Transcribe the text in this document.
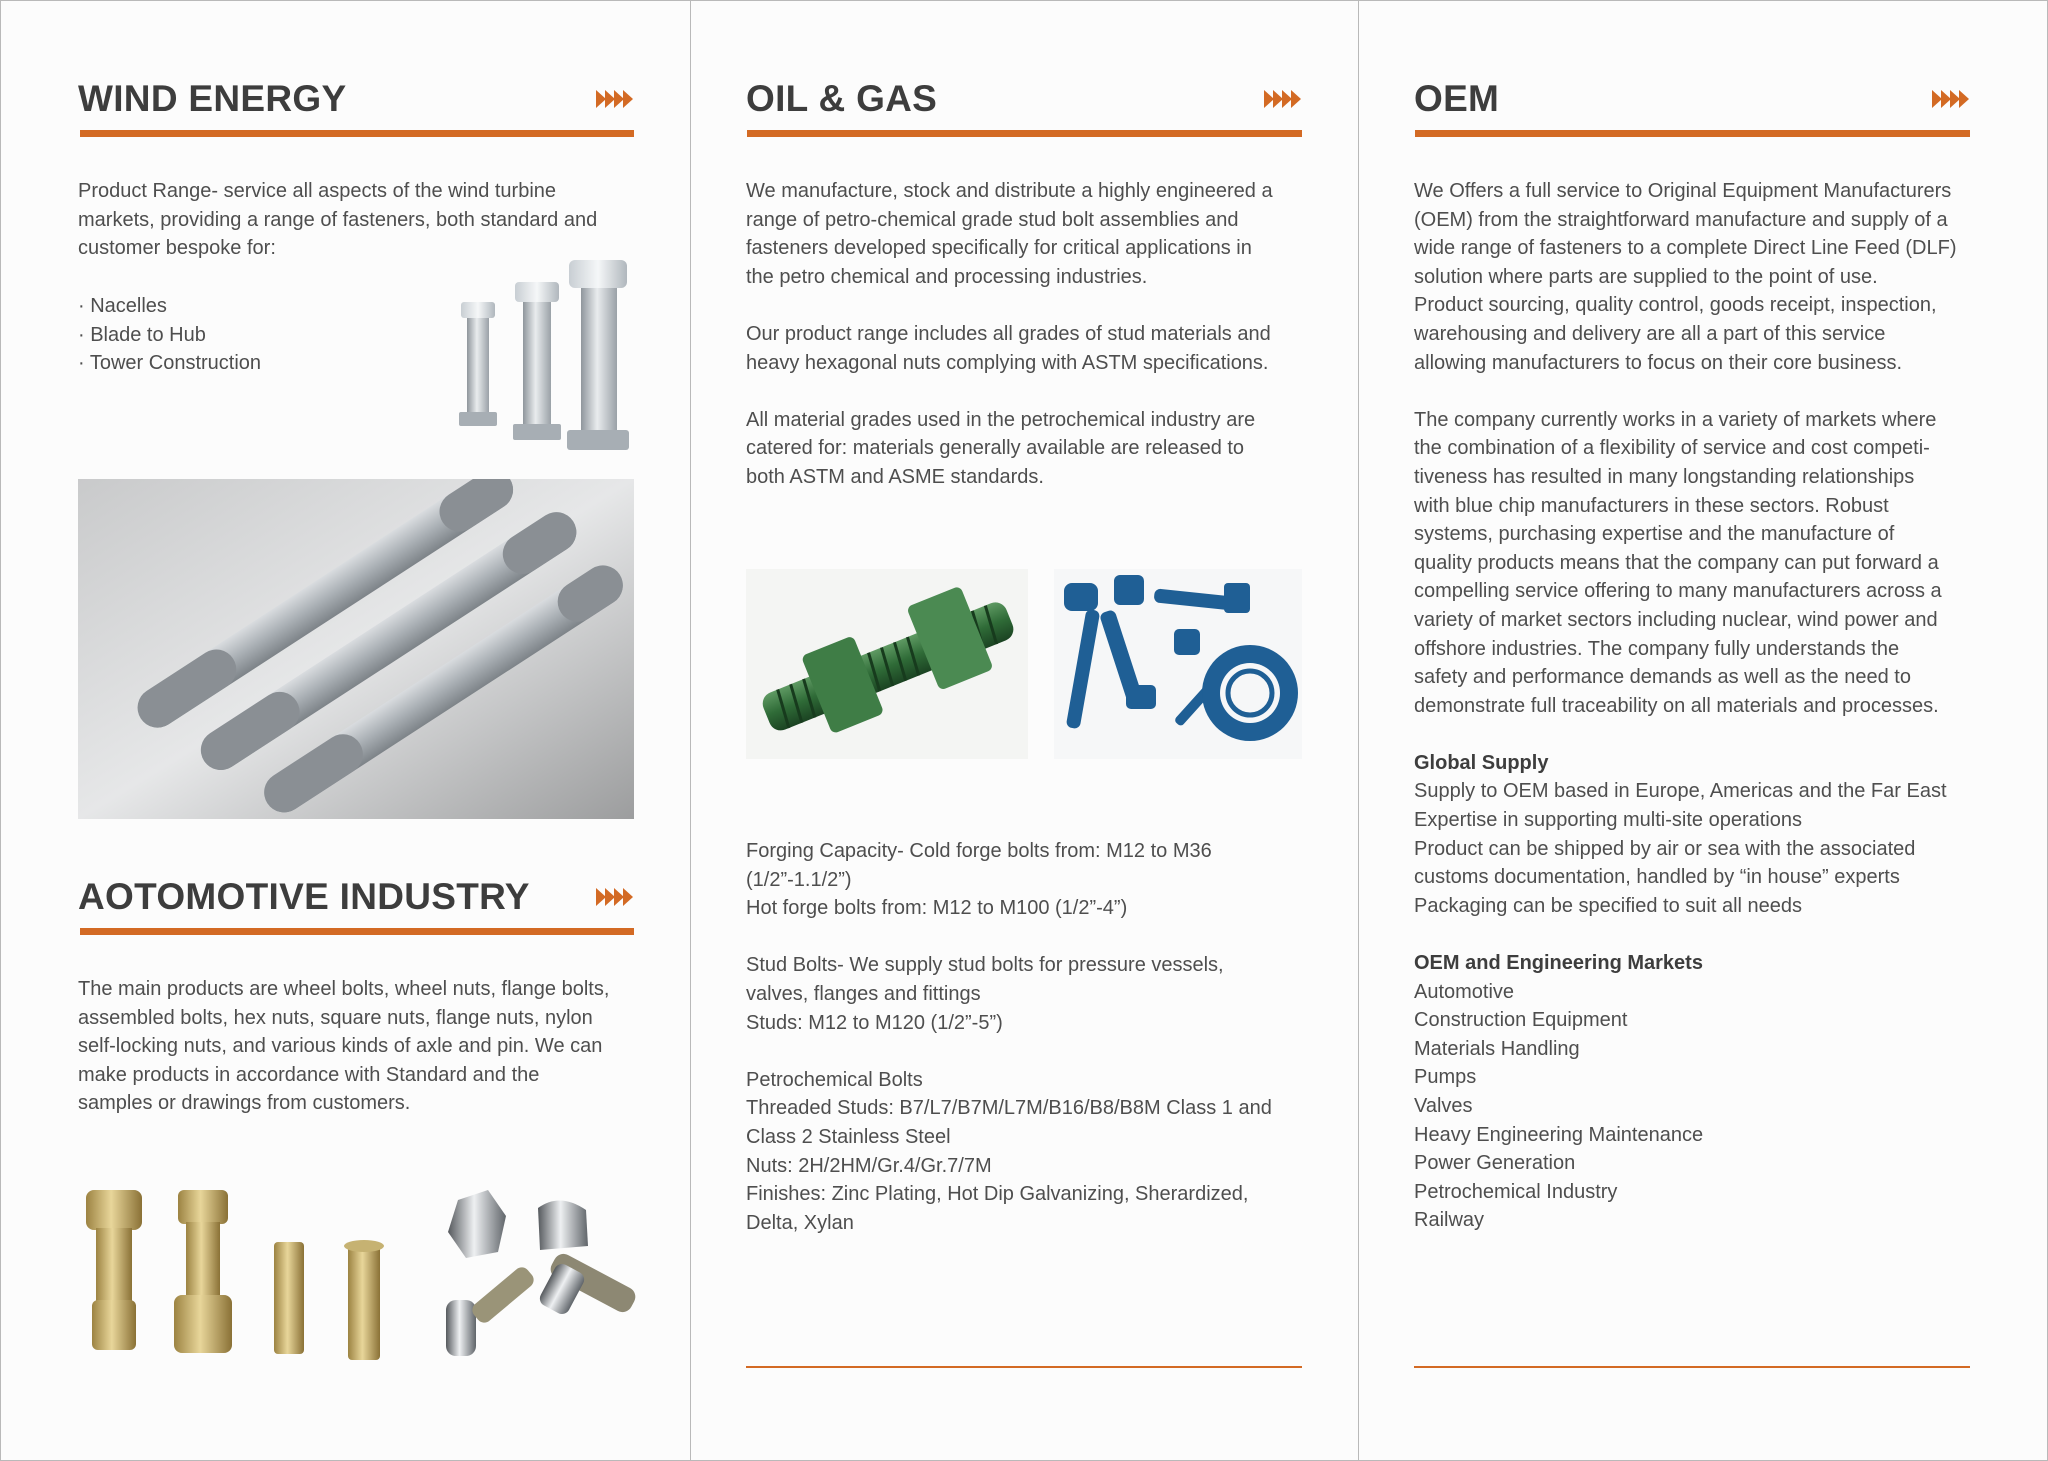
WIND ENERGY
Product Range- service all aspects of the wind turbine
markets, providing a range of fasteners, both standard and
customer bespoke for:
· Nacelles
· Blade to Hub
· Tower Construction
AOTOMOTIVE INDUSTRY
The main products are wheel bolts, wheel nuts, flange bolts,
assembled bolts, hex nuts, square nuts, flange nuts, nylon
self-locking nuts, and various kinds of axle and pin. We can
make products in accordance with Standard and the
samples or drawings from customers.
OIL & GAS
We manufacture, stock and distribute a highly engineered a
range of petro-chemical grade stud bolt assemblies and
fasteners developed specifically for critical applications in
the petro chemical and processing industries.
Our product range includes all grades of stud materials and
heavy hexagonal nuts complying with ASTM specifications.
All material grades used in the petrochemical industry are
catered for: materials generally available are released to
both ASTM and ASME standards.
Forging Capacity- Cold forge bolts from: M12 to M36
(1/2”-1.1/2”)
Hot forge bolts from: M12 to M100 (1/2”-4”)
Stud Bolts- We supply stud bolts for pressure vessels,
valves, flanges and fittings
Studs: M12 to M120 (1/2”-5”)
Petrochemical Bolts
Threaded Studs: B7/L7/B7M/L7M/B16/B8/B8M Class 1 and
Class 2 Stainless Steel
Nuts: 2H/2HM/Gr.4/Gr.7/7M
Finishes: Zinc Plating, Hot Dip Galvanizing, Sherardized,
Delta, Xylan
OEM
We Offers a full service to Original Equipment Manufacturers
(OEM) from the straightforward manufacture and supply of a
wide range of fasteners to a complete Direct Line Feed (DLF)
solution where parts are supplied to the point of use.
Product sourcing, quality control, goods receipt, inspection,
warehousing and delivery are all a part of this service
allowing manufacturers to focus on their core business.
The company currently works in a variety of markets where
the combination of a flexibility of service and cost competi-
tiveness has resulted in many longstanding relationships
with blue chip manufacturers in these sectors. Robust
systems, purchasing expertise and the manufacture of
quality products means that the company can put forward a
compelling service offering to many manufacturers across a
variety of market sectors including nuclear, wind power and
offshore industries. The company fully understands the
safety and performance demands as well as the need to
demonstrate full traceability on all materials and processes.
Global Supply
Supply to OEM based in Europe, Americas and the Far East
Expertise in supporting multi-site operations
Product can be shipped by air or sea with the associated
customs documentation, handled by “in house” experts
Packaging can be specified to suit all needs
OEM and Engineering Markets
Automotive
Construction Equipment
Materials Handling
Pumps
Valves
Heavy Engineering Maintenance
Power Generation
Petrochemical Industry
Railway
